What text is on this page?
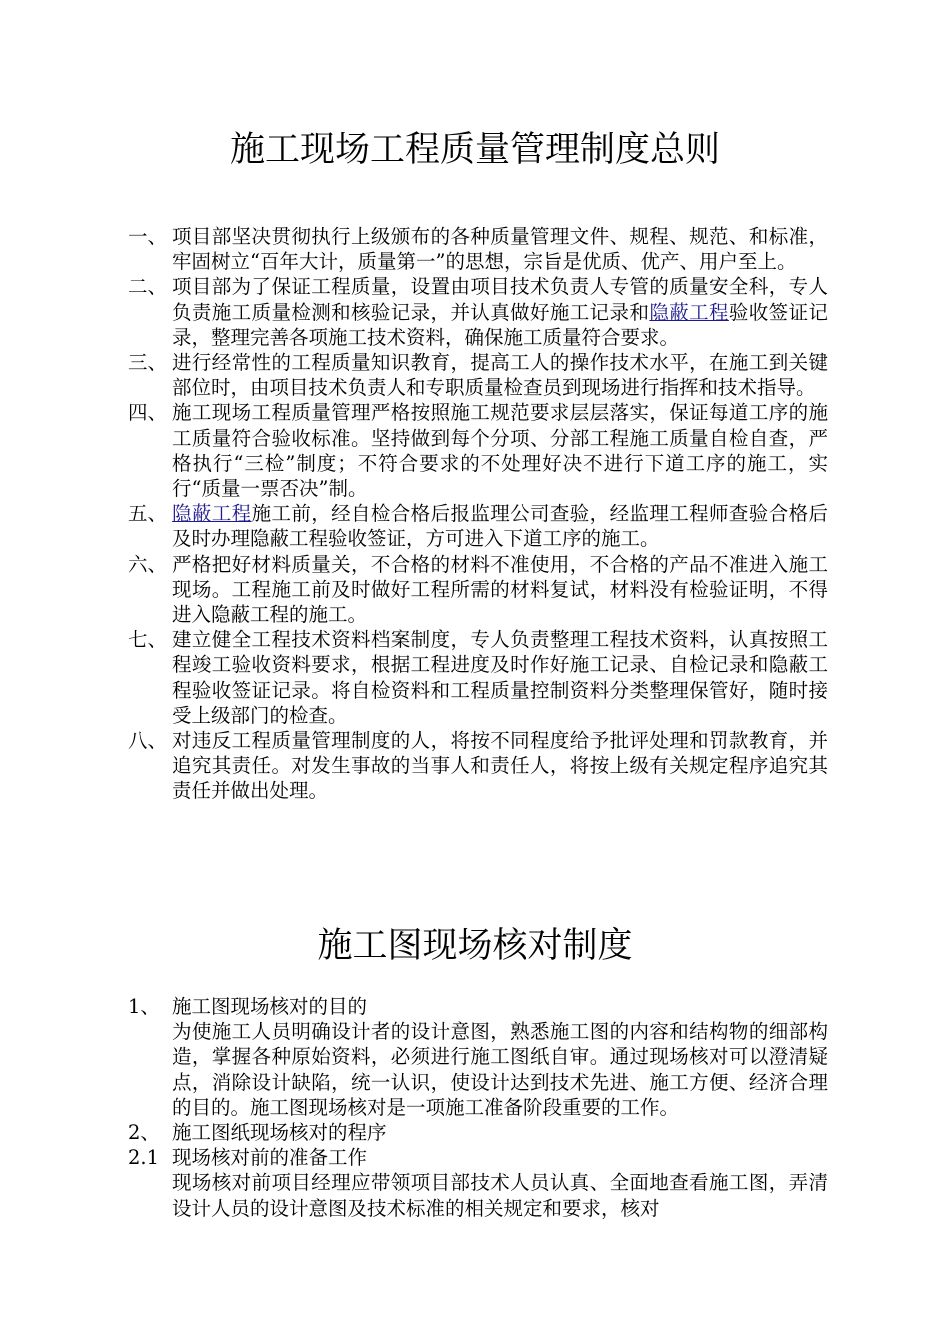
施工现场工程质量管理制度总则
一、 项目部坚决贯彻执行上级颁布的各种质量管理文件、规程、规范、和标准，牢固树立“百年大计，质量第一”的思想，宗旨是优质、优产、用户至上。
二、 项目部为了保证工程质量，设置由项目技术负责人专管的质量安全科，专人负责施工质量检测和核验记录，并认真做好施工记录和隐蔽工程验收签证记录，整理完善各项施工技术资料，确保施工质量符合要求。
三、 进行经常性的工程质量知识教育，提高工人的操作技术水平，在施工到关键部位时，由项目技术负责人和专职质量检查员到现场进行指挥和技术指导。
四、 施工现场工程质量管理严格按照施工规范要求层层落实，保证每道工序的施工质量符合验收标准。坚持做到每个分项、分部工程施工质量自检自查，严格执行“三检”制度；不符合要求的不处理好决不进行下道工序的施工，实行“质量一票否决”制。
五、 隐蔽工程施工前，经自检合格后报监理公司查验，经监理工程师查验合格后及时办理隐蔽工程验收签证，方可进入下道工序的施工。
六、 严格把好材料质量关，不合格的材料不准使用，不合格的产品不准进入施工现场。工程施工前及时做好工程所需的材料复试，材料没有检验证明，不得进入隐蔽工程的施工。
七、 建立健全工程技术资料档案制度，专人负责整理工程技术资料，认真按照工程竣工验收资料要求，根据工程进度及时作好施工记录、自检记录和隐蔽工程验收签证记录。将自检资料和工程质量控制资料分类整理保管好，随时接受上级部门的检查。
八、 对违反工程质量管理制度的人，将按不同程度给予批评处理和罚款教育，并追究其责任。对发生事故的当事人和责任人，将按上级有关规定程序追究其责任并做出处理。
施工图现场核对制度
1、 施工图现场核对的目的
为使施工人员明确设计者的设计意图，熟悉施工图的内容和结构物的细部构造，掌握各种原始资料，必须进行施工图纸自审。通过现场核对可以澄清疑点，消除设计缺陷，统一认识，使设计达到技术先进、施工方便、经济合理的目的。施工图现场核对是一项施工准备阶段重要的工作。
2、 施工图纸现场核对的程序
2.1 现场核对前的准备工作
现场核对前项目经理应带领项目部技术人员认真、全面地查看施工图，弄清设计人员的设计意图及技术标准的相关规定和要求，核对
